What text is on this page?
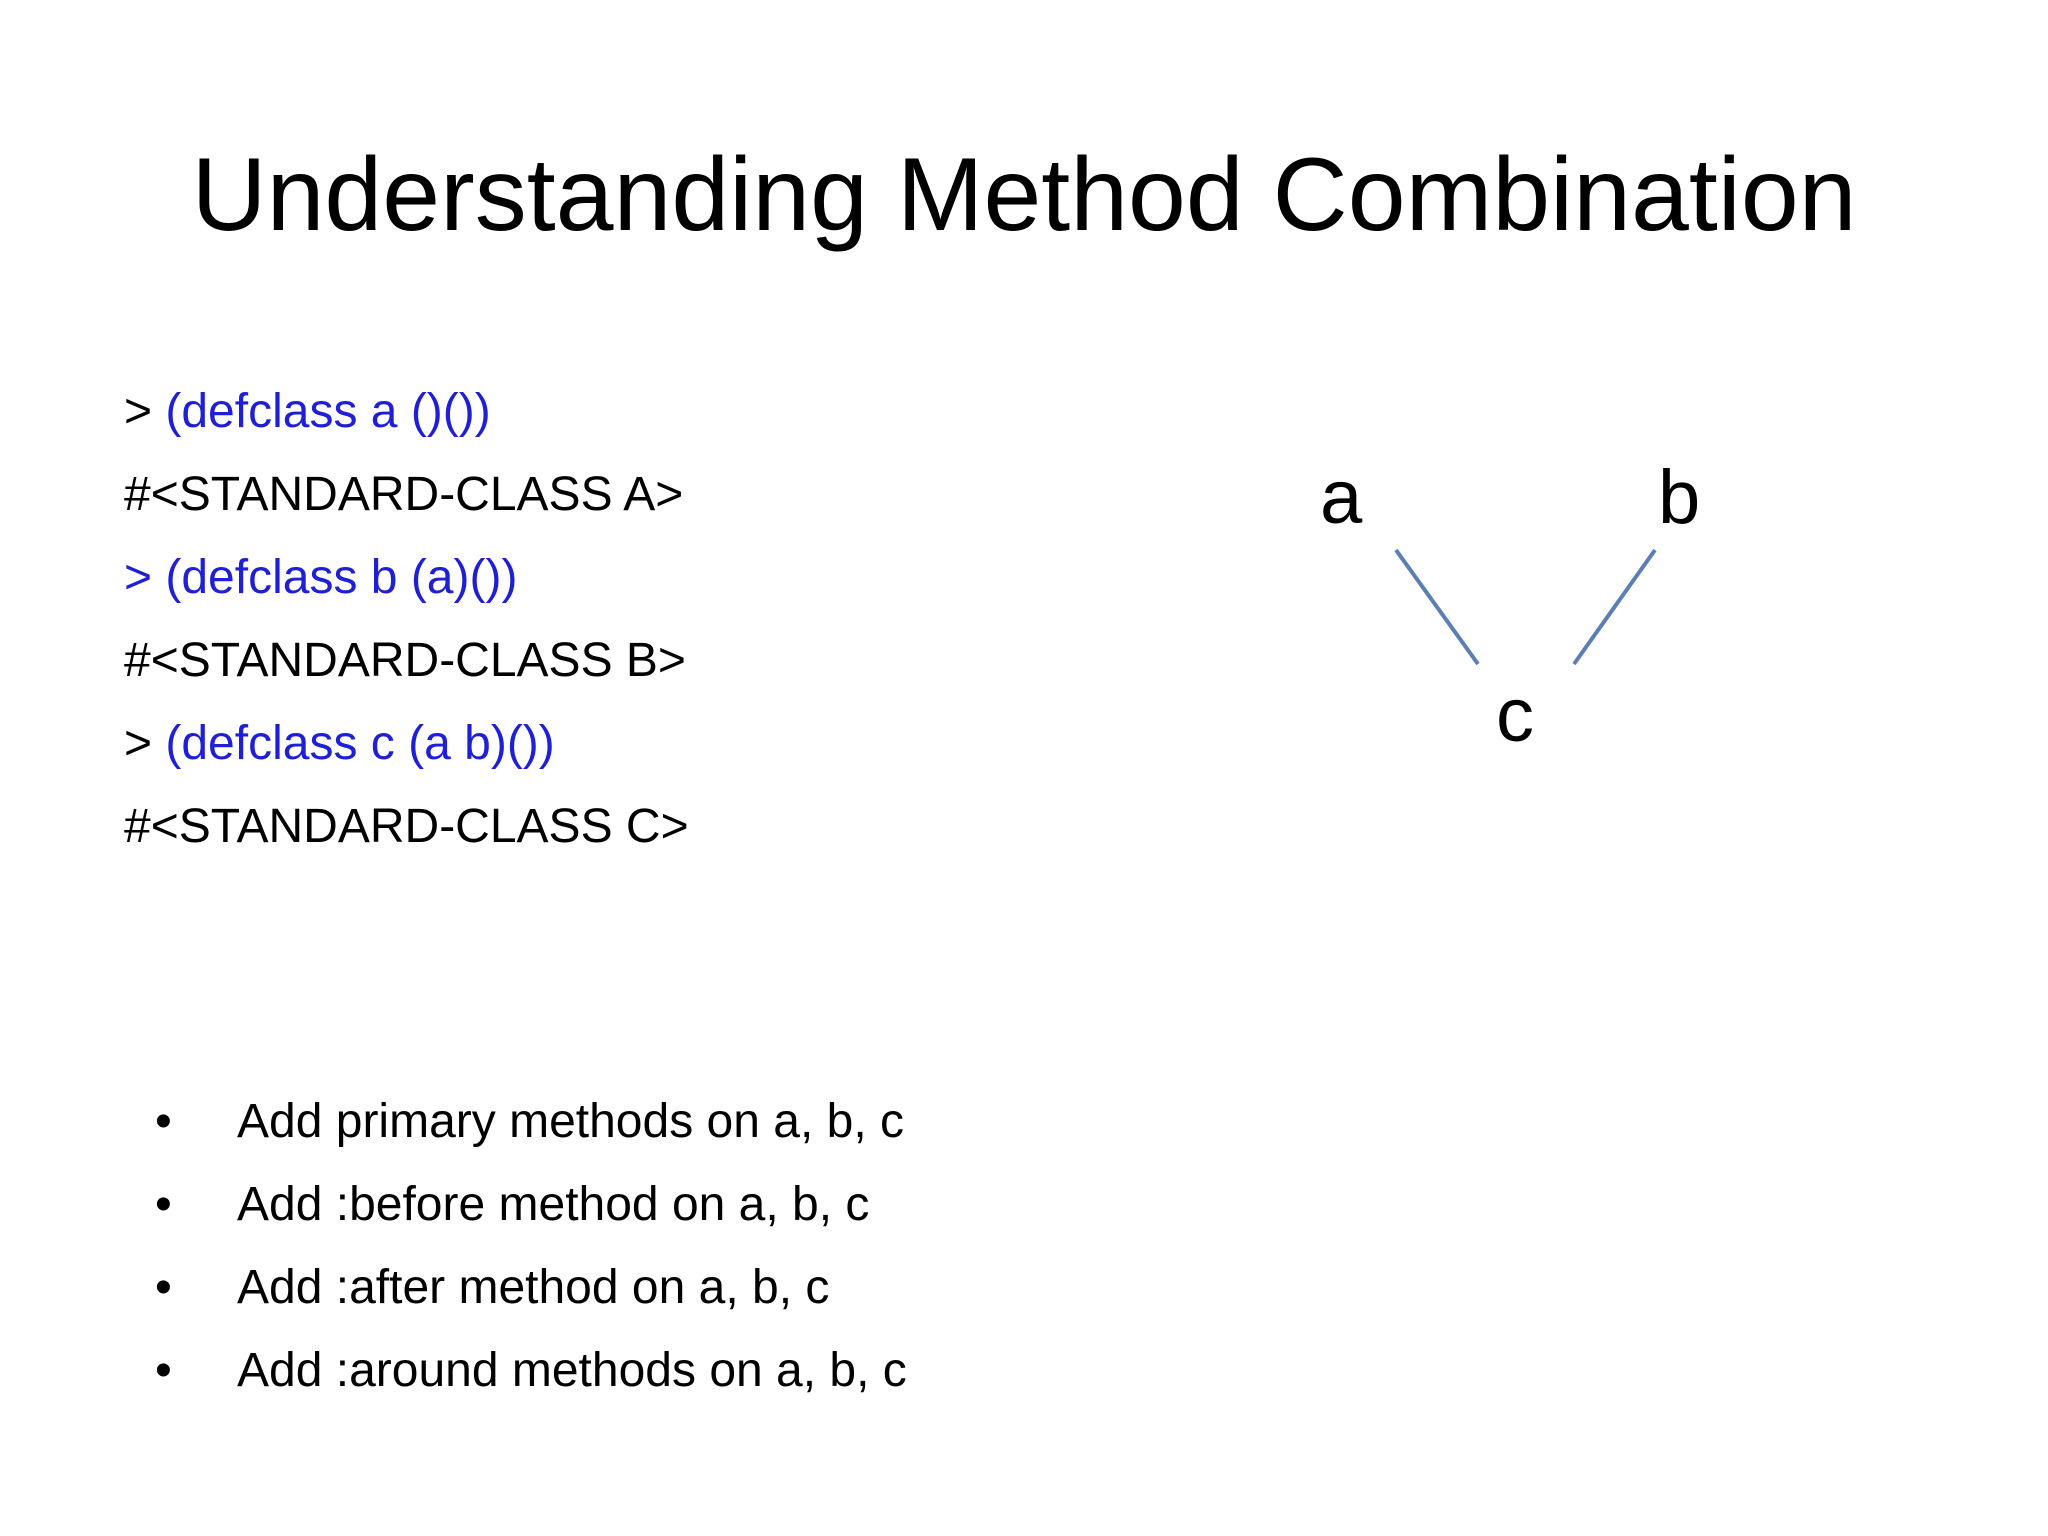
Understanding Method Combination
> (defclass a ()())
#<STANDARD-CLASS A>
> (defclass b (a)())
#<STANDARD-CLASS B>
> (defclass c (a b)())
#<STANDARD-CLASS C>
a	b
c
•	Add primary methods on a, b, c
•	Add :before method on a, b, c
•	Add :after method on a, b, c
•	Add :around methods on a, b, c
